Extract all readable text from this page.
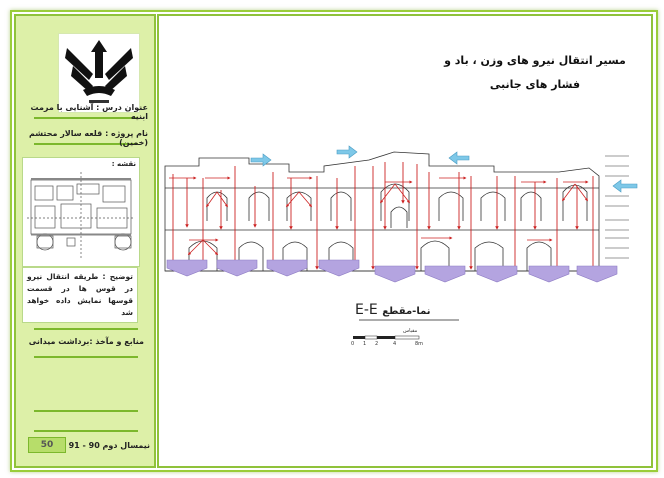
عنوان درس : آشنایی با مرمت ابنیه
نام پروژه : قلعه سالار محتشم (خمین)
نقشه :
توضیح : طریقه انتقال نیرو در قوس ها در قسمت قوسها نمایش داده خواهد شد
منابع و مآخذ :برداشت میدانی
50	نیمسال دوم 90 - 91
مسیر انتقال نیرو های وزن ، باد و
فشار های جانبی
E-E نما-مقطع
مقیاس
0 1 2	4	8m
